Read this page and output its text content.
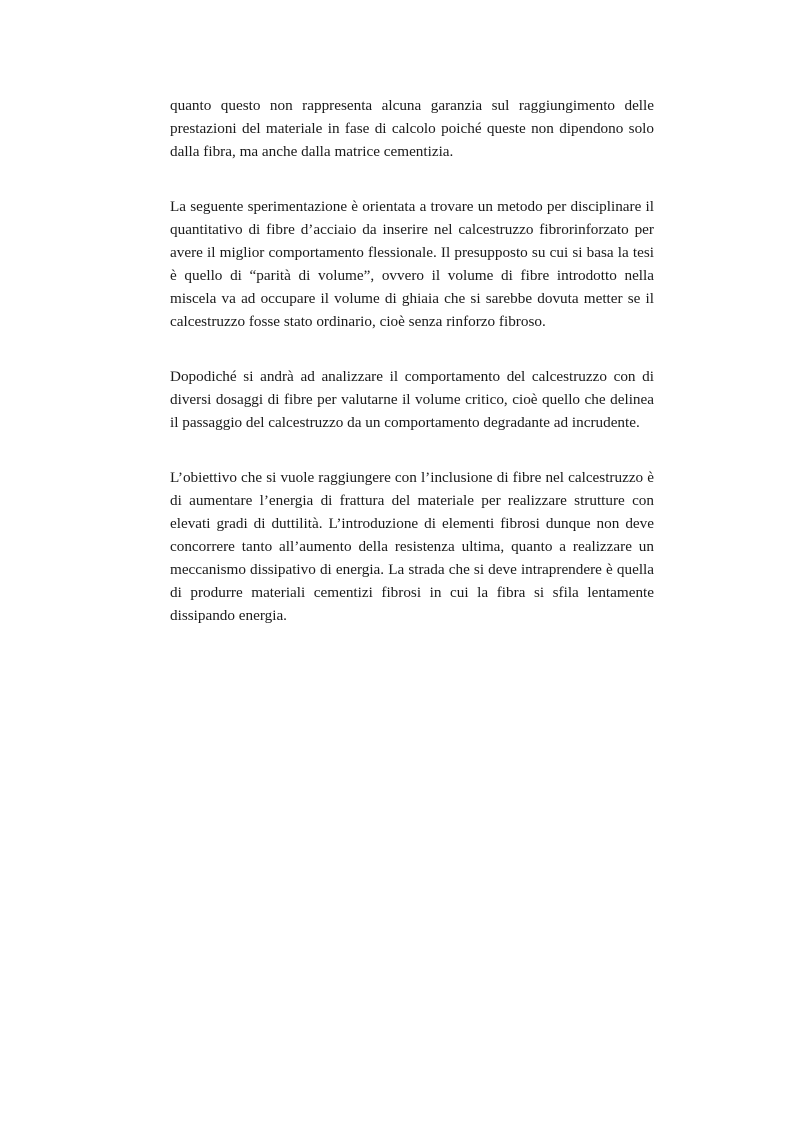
quanto questo non rappresenta alcuna garanzia sul raggiungimento delle prestazioni del materiale in fase di calcolo poiché queste non dipendono solo dalla fibra, ma anche dalla matrice cementizia.

La seguente sperimentazione è orientata a trovare un metodo per disciplinare il quantitativo di fibre d’acciaio da inserire nel calcestruzzo fibrorinforzato per avere il miglior comportamento flessionale. Il presupposto su cui si basa la tesi è quello di “parità di volume”, ovvero il volume di fibre introdotto nella miscela va ad occupare il volume di ghiaia che si sarebbe dovuta metter se il calcestruzzo fosse stato ordinario, cioè senza rinforzo fibroso.

Dopodiché si andrà ad analizzare il comportamento del calcestruzzo con di diversi dosaggi di fibre per valutarne il volume critico, cioè quello che delinea il passaggio del calcestruzzo da un comportamento degradante ad incrudente.

L’obiettivo che si vuole raggiungere con l’inclusione di fibre nel calcestruzzo è di aumentare l’energia di frattura del materiale per realizzare strutture con elevati gradi di duttilità. L’introduzione di elementi fibrosi dunque non deve concorrere tanto all’aumento della resistenza ultima, quanto a realizzare un meccanismo dissipativo di energia. La strada che si deve intraprendere è quella di produrre materiali cementizi fibrosi in cui la fibra si sfila lentamente dissipando energia.
